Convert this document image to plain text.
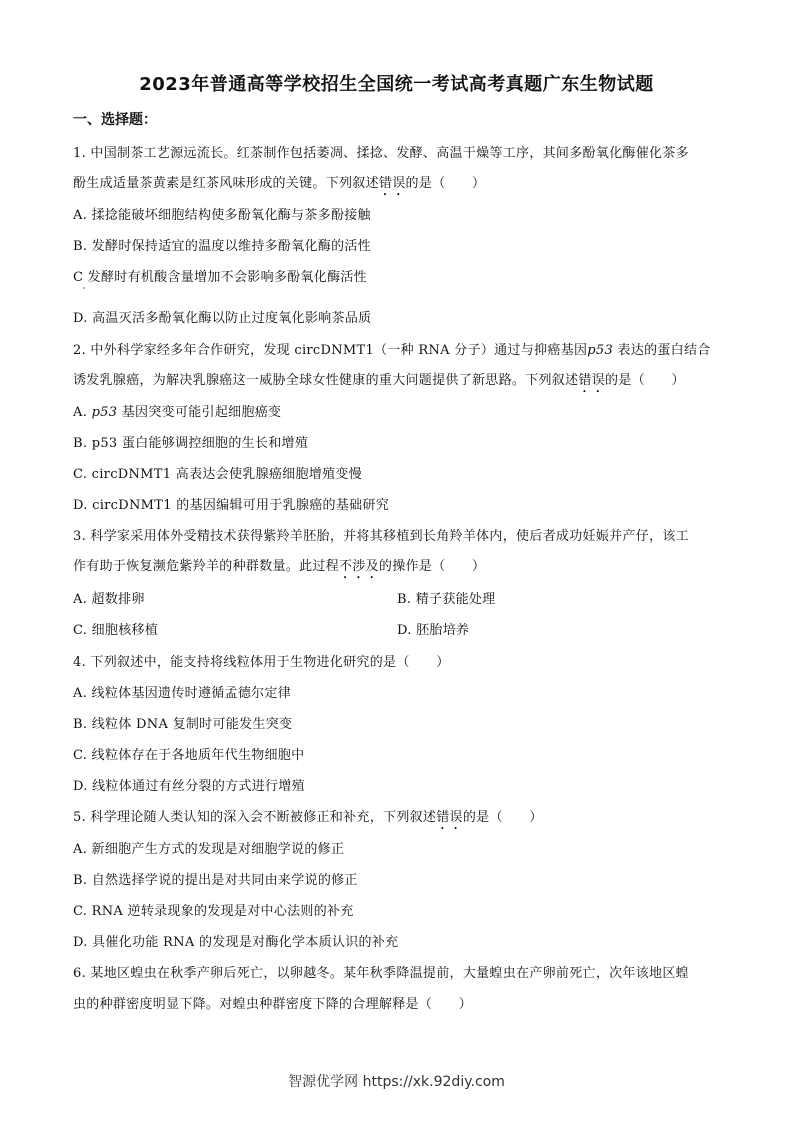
2023年普通高等学校招生全国统一考试高考真题广东生物试题
一、选择题：
1. 中国制茶工艺源远流长。红茶制作包括萎凋、揉捻、发酵、高温干燥等工序，其间多酚氧化酶催化茶多
酚生成适量茶黄素是红茶风味形成的关键。下列叙述错误的是（　　）
A. 揉捻能破坏细胞结构使多酚氧化酶与茶多酚接触
B. 发酵时保持适宜的温度以维持多酚氧化酶的活性
C 发酵时有机酸含量增加不会影响多酚氧化酶活性
D. 高温灭活多酚氧化酶以防止过度氧化影响茶品质
2. 中外科学家经多年合作研究，发现 circDNMT1（一种 RNA 分子）通过与抑癌基因p53 表达的蛋白结合
诱发乳腺癌，为解决乳腺癌这一威胁全球女性健康的重大问题提供了新思路。下列叙述错误的是（　　）
A. p53 基因突变可能引起细胞癌变
B. p53 蛋白能够调控细胞的生长和增殖
C. circDNMT1 高表达会使乳腺癌细胞增殖变慢
D. circDNMT1 的基因编辑可用于乳腺癌的基础研究
3. 科学家采用体外受精技术获得紫羚羊胚胎，并将其移植到长角羚羊体内，使后者成功妊娠并产仔，该工
作有助于恢复濒危紫羚羊的种群数量。此过程不涉及的操作是（　　）
A. 超数排卵	B. 精子获能处理
C. 细胞核移植	D. 胚胎培养
4. 下列叙述中，能支持将线粒体用于生物进化研究的是（　　）
A. 线粒体基因遗传时遵循孟德尔定律
B. 线粒体 DNA 复制时可能发生突变
C. 线粒体存在于各地质年代生物细胞中
D. 线粒体通过有丝分裂的方式进行增殖
5. 科学理论随人类认知的深入会不断被修正和补充，下列叙述错误的是（　　）
A. 新细胞产生方式的发现是对细胞学说的修正
B. 自然选择学说的提出是对共同由来学说的修正
C. RNA 逆转录现象的发现是对中心法则的补充
D. 具催化功能 RNA 的发现是对酶化学本质认识的补充
6. 某地区蝗虫在秋季产卵后死亡，以卵越冬。某年秋季降温提前，大量蝗虫在产卵前死亡，次年该地区蝗
虫的种群密度明显下降。对蝗虫种群密度下降的合理解释是（　　）
智源优学网 https://xk.92diy.com
